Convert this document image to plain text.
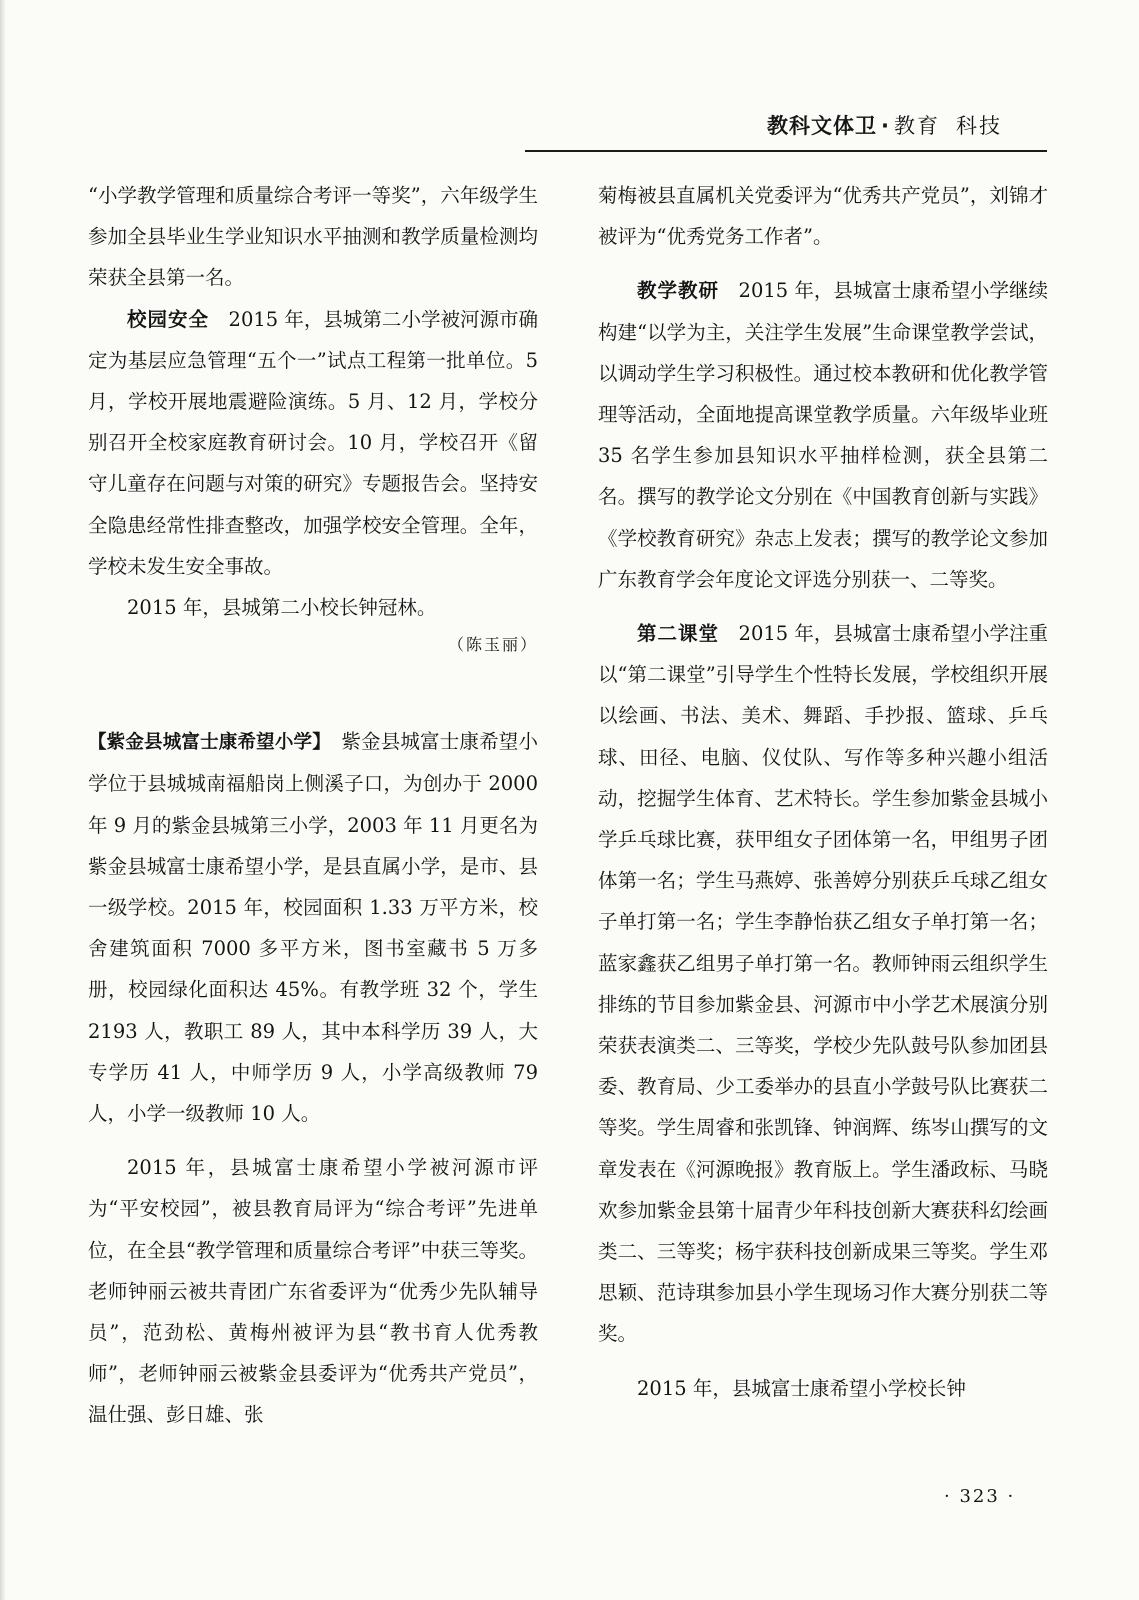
教科文体卫 · 教育 科技

“小学教学管理和质量综合考评一等奖”，六年级学生参加全县毕业生学业知识水平抽测和教学质量检测均荣获全县第一名。

校园安全　2015 年，县城第二小学被河源市确定为基层应急管理“五个一”试点工程第一批单位。5 月，学校开展地震避险演练。5 月、12 月，学校分别召开全校家庭教育研讨会。10 月，学校召开《留守儿童存在问题与对策的研究》专题报告会。坚持安全隐患经常性排查整改，加强学校安全管理。全年，学校未发生安全事故。

2015 年，县城第二小校长钟冠林。

（陈玉丽）

【紫金县城富士康希望小学】　紫金县城富士康希望小学位于县城城南福船岗上侧溪子口，为创办于 2000 年 9 月的紫金县城第三小学，2003 年 11 月更名为紫金县城富士康希望小学，是县直属小学，是市、县一级学校。2015 年，校园面积 1.33 万平方米，校舍建筑面积 7000 多平方米，图书室藏书 5 万多册，校园绿化面积达 45%。有教学班 32 个，学生 2193 人，教职工 89 人，其中本科学历 39 人，大专学历 41 人，中师学历 9 人，小学高级教师 79 人，小学一级教师 10 人。

2015 年，县城富士康希望小学被河源市评为“平安校园”，被县教育局评为“综合考评”先进单位，在全县“教学管理和质量综合考评”中获三等奖。老师钟丽云被共青团广东省委评为“优秀少先队辅导员”，范劲松、黄梅州被评为县“教书育人优秀教师”，老师钟丽云被紫金县委评为“优秀共产党员”，温仕强、彭日雄、张

菊梅被县直属机关党委评为“优秀共产党员”，刘锦才被评为“优秀党务工作者”。

教学教研　2015 年，县城富士康希望小学继续构建“以学为主，关注学生发展”生命课堂教学尝试，以调动学生学习积极性。通过校本教研和优化教学管理等活动，全面地提高课堂教学质量。六年级毕业班 35 名学生参加县知识水平抽样检测，获全县第二名。撰写的教学论文分别在《中国教育创新与实践》《学校教育研究》杂志上发表；撰写的教学论文参加广东教育学会年度论文评选分别获一、二等奖。

第二课堂　2015 年，县城富士康希望小学注重以“第二课堂”引导学生个性特长发展，学校组织开展以绘画、书法、美术、舞蹈、手抄报、篮球、乒乓球、田径、电脑、仪仗队、写作等多种兴趣小组活动，挖掘学生体育、艺术特长。学生参加紫金县城小学乒乓球比赛，获甲组女子团体第一名，甲组男子团体第一名；学生马燕婷、张善婷分别获乒乓球乙组女子单打第一名；学生李静怡获乙组女子单打第一名；蓝家鑫获乙组男子单打第一名。教师钟雨云组织学生排练的节目参加紫金县、河源市中小学艺术展演分别荣获表演类二、三等奖，学校少先队鼓号队参加团县委、教育局、少工委举办的县直小学鼓号队比赛获二等奖。学生周睿和张凯锋、钟润辉、练岑山撰写的文章发表在《河源晚报》教育版上。学生潘政标、马晓欢参加紫金县第十届青少年科技创新大赛获科幻绘画类二、三等奖；杨宇获科技创新成果三等奖。学生邓思颖、范诗琪参加县小学生现场习作大赛分别获二等奖。

2015 年，县城富士康希望小学校长钟

· 323 ·
